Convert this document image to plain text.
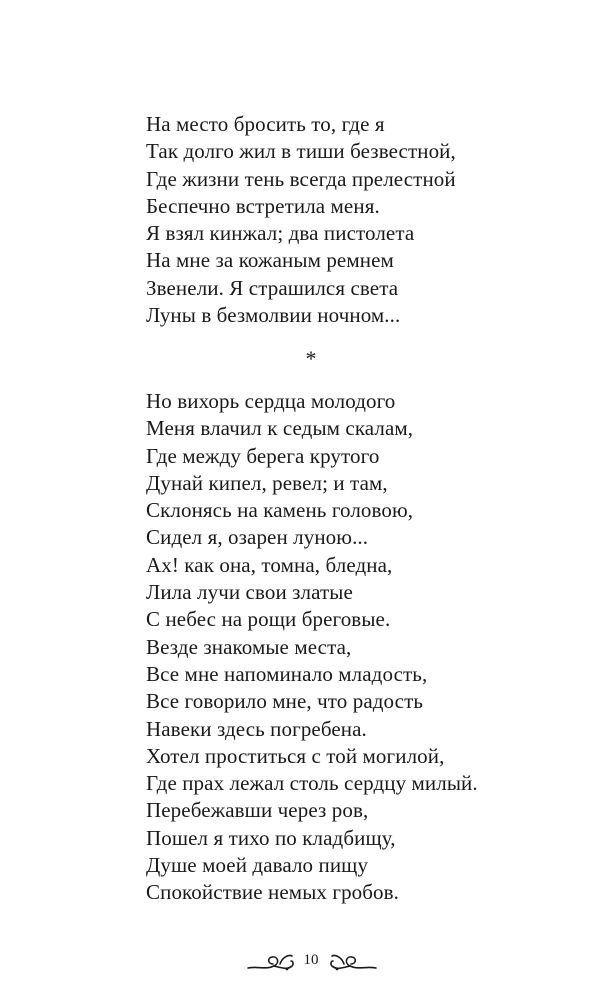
На место бросить то, где я
Так долго жил в тиши безвестной,
Где жизни тень всегда прелестной
Беспечно встретила меня.
Я взял кинжал; два пистолета
На мне за кожаным ремнем
Звенели. Я страшился света
Луны в безмолвии ночном...
*
Но вихорь сердца молодого
Меня влачил к седым скалам,
Где между берега крутого
Дунай кипел, ревел; и там,
Склонясь на камень головою,
Сидел я, озарен луною...
Ах! как она, томна, бледна,
Лила лучи свои златые
С небес на рощи бреговые.
Везде знакомые места,
Все мне напоминало младость,
Все говорило мне, что радость
Навеки здесь погребена.
Хотел проститься с той могилой,
Где прах лежал столь сердцу милый.
Перебежавши через ров,
Пошел я тихо по кладбищу,
Душе моей давало пищу
Спокойствие немых гробов.
10
